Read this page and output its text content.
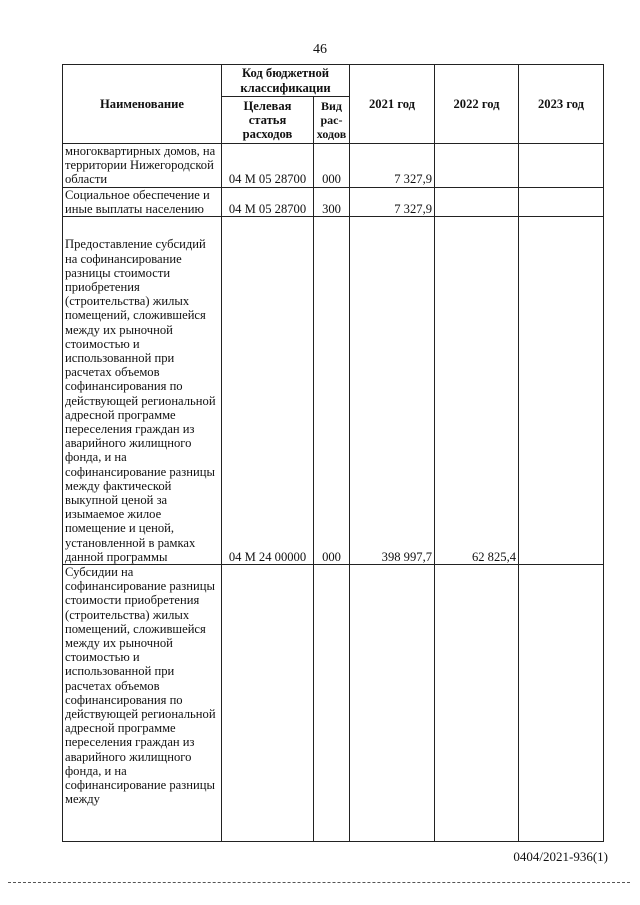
46
Наименование	Код бюджетной классификации		2021 год	2022 год	2023 год
	Целевая статья расходов	Вид рас-ходов			
многоквартирных домов, на территории Нижегородской области	04 М 05 28700	000	7 327,9		
Социальное обеспечение и иные выплаты населению	04 М 05 28700	300	7 327,9		
Предоставление субсидий на софинансирование разницы стоимости приобретения (строительства) жилых помещений, сложившейся между их рыночной стоимостью и использованной при расчетах объемов софинансирования по действующей региональной адресной программе переселения граждан из аварийного жилищного фонда, и на софинансирование разницы между фактической выкупной ценой за изымаемое жилое помещение и ценой, установленной в рамках данной программы	04 М 24 00000	000	398 997,7	62 825,4	
Субсидии на софинансирование разницы стоимости приобретения (строительства) жилых помещений, сложившейся между их рыночной стоимостью и использованной при расчетах объемов софинансирования по действующей региональной адресной программе переселения граждан из аварийного жилищного фонда, и на софинансирование разницы между					
0404/2021-936(1)
